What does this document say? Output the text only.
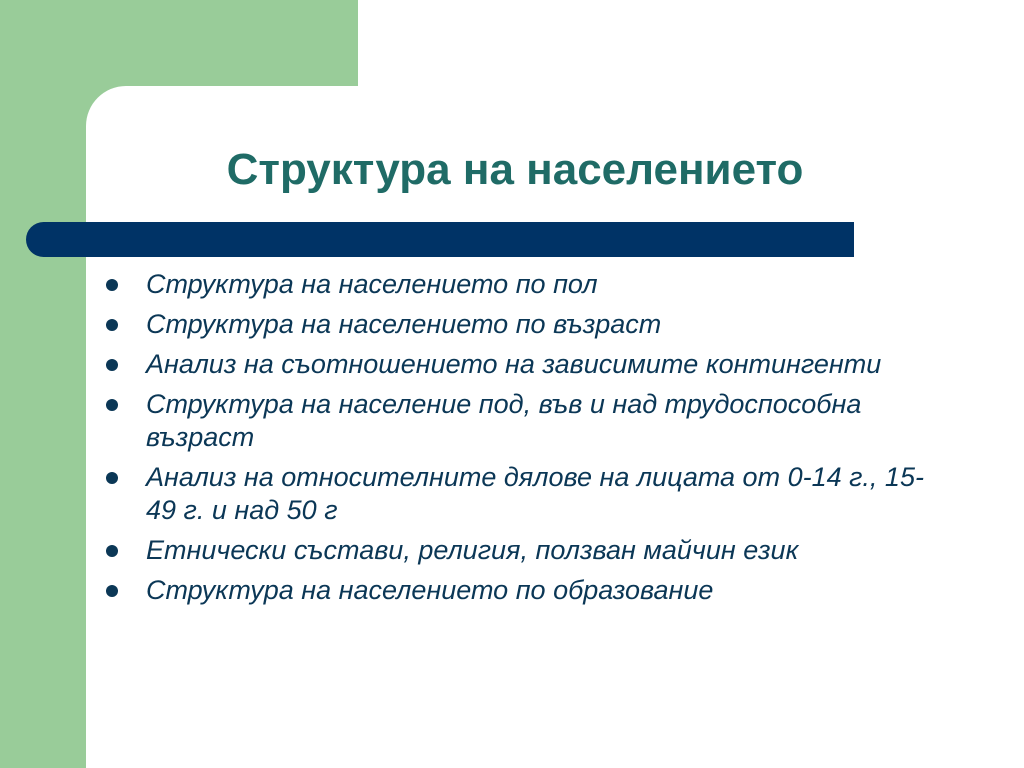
Структура на населението
Структура на населението по пол
Структура на населението по възраст
Анализ на съотношението на зависимите контингенти
Структура на население под, във и над трудоспособна възраст
Анализ на относителните дялове на лицата от 0-14 г., 15-49 г. и над 50 г
Етнически състави, религия, ползван майчин език
Структура на населението по образование
